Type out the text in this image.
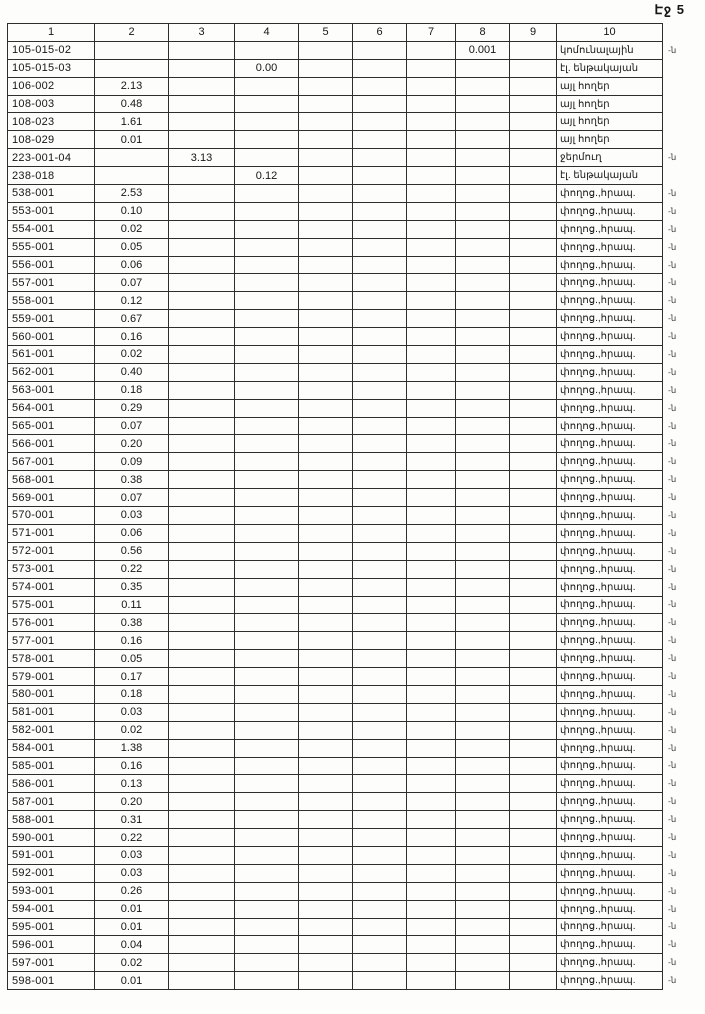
Էջ 5
1	2	3	4	5	6	7	8	9	10	
105-015-02							0.001		կոմունալային	-ն
105-015-03			0.00						էլ. ենթակայան	
106-002	2.13								այլ հողեր	
108-003	0.48								այլ հողեր	
108-023	1.61								այլ հողեր	
108-029	0.01								այլ հողեր	
223-001-04		3.13							ջերմուղ	-ն
238-018			0.12						էլ. ենթակայան	
538-001	2.53								փողոց.,հրապ.	-ն
553-001	0.10								փողոց.,հրապ.	-ն
554-001	0.02								փողոց.,հրապ.	-ն
555-001	0.05								փողոց.,հրապ.	-ն
556-001	0.06								փողոց.,հրապ.	-ն
557-001	0.07								փողոց.,հրապ.	-ն
558-001	0.12								փողոց.,հրապ.	-ն
559-001	0.67								փողոց.,հրապ.	-ն
560-001	0.16								փողոց.,հրապ.	-ն
561-001	0.02								փողոց.,հրապ.	-ն
562-001	0.40								փողոց.,հրապ.	-ն
563-001	0.18								փողոց.,հրապ.	-ն
564-001	0.29								փողոց.,հրապ.	-ն
565-001	0.07								փողոց.,հրապ.	-ն
566-001	0.20								փողոց.,հրապ.	-ն
567-001	0.09								փողոց.,հրապ.	-ն
568-001	0.38								փողոց.,հրապ.	-ն
569-001	0.07								փողոց.,հրապ.	-ն
570-001	0.03								փողոց.,հրապ.	-ն
571-001	0.06								փողոց.,հրապ.	-ն
572-001	0.56								փողոց.,հրապ.	-ն
573-001	0.22								փողոց.,հրապ.	-ն
574-001	0.35								փողոց.,հրապ.	-ն
575-001	0.11								փողոց.,հրապ.	-ն
576-001	0.38								փողոց.,հրապ.	-ն
577-001	0.16								փողոց.,հրապ.	-ն
578-001	0.05								փողոց.,հրապ.	-ն
579-001	0.17								փողոց.,հրապ.	-ն
580-001	0.18								փողոց.,հրապ.	-ն
581-001	0.03								փողոց.,հրապ.	-ն
582-001	0.02								փողոց.,հրապ.	-ն
584-001	1.38								փողոց.,հրապ.	-ն
585-001	0.16								փողոց.,հրապ.	-ն
586-001	0.13								փողոց.,հրապ.	-ն
587-001	0.20								փողոց.,հրապ.	-ն
588-001	0.31								փողոց.,հրապ.	-ն
590-001	0.22								փողոց.,հրապ.	-ն
591-001	0.03								փողոց.,հրապ.	-ն
592-001	0.03								փողոց.,հրապ.	-ն
593-001	0.26								փողոց.,հրապ.	-ն
594-001	0.01								փողոց.,հրապ.	-ն
595-001	0.01								փողոց.,հրապ.	-ն
596-001	0.04								փողոց.,հրապ.	-ն
597-001	0.02								փողոց.,հրապ.	-ն
598-001	0.01								փողոց.,հրապ.	-ն
